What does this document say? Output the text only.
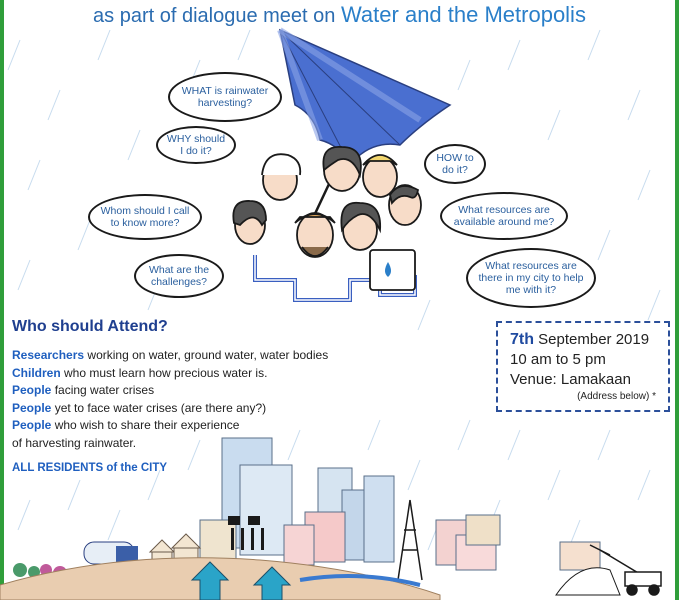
as part of dialogue meet on Water and the Metropolis
WHAT is rainwater harvesting?
WHY should I do it?
Whom should I call to know more?
What are the challenges?
HOW to do it?
What resources are available around me?
What resources are there in my city to help me with it?
Who should Attend?
Researchers working on water, ground water, water bodies
Children who must learn how precious water is.
People facing water crises
People yet to face water crises (are there any?)
People who wish to share their experience
of harvesting rainwater.
ALL RESIDENTS of the CITY
7th September 2019
10 am to 5 pm
Venue: Lamakaan
(Address below) *
